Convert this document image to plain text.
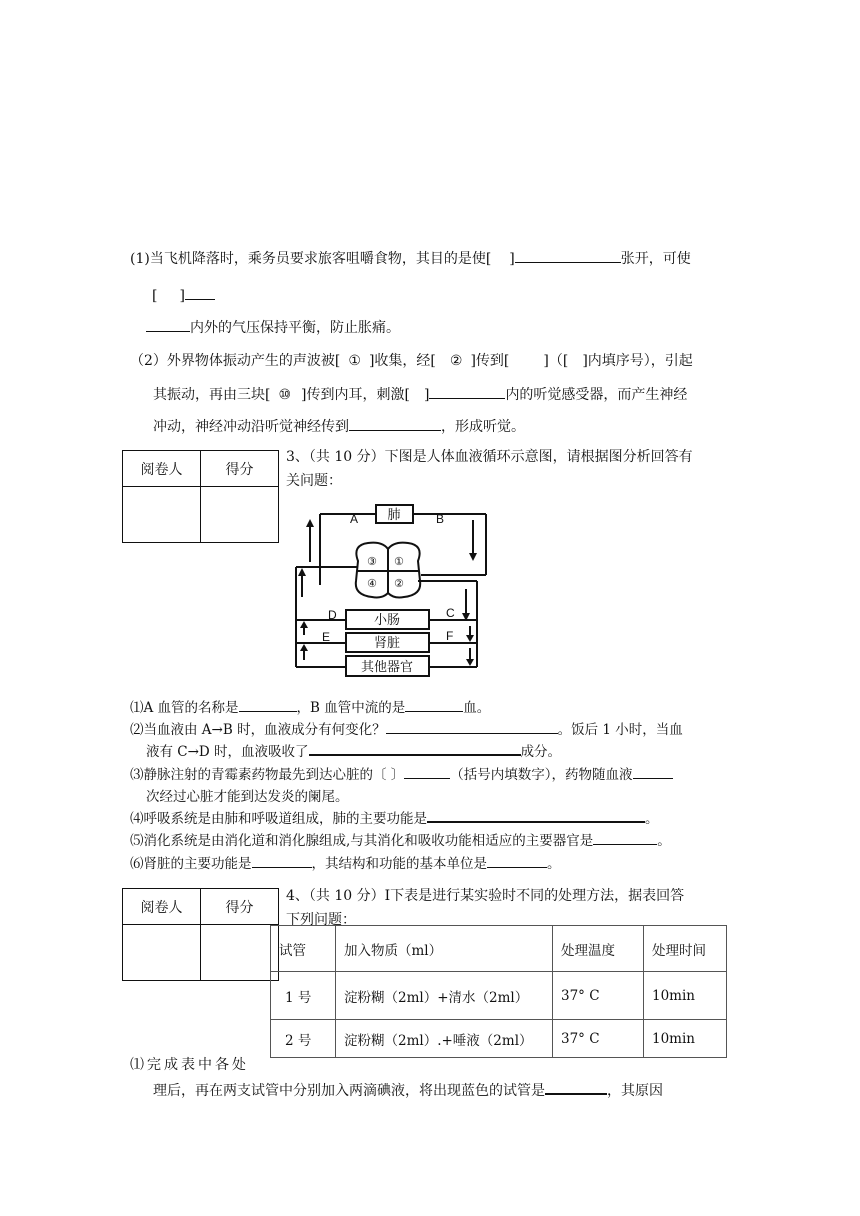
(1)当飞机降落时，乘务员要求旅客咀嚼食物，其目的是使[ ]	张开，可使
[ ]
内外的气压保持平衡，防止胀痛。
（2）外界物体振动产生的声波被[ ① ]收集，经[ ② ]传到[ ]（[ ]内填序号），引起
其振动，再由三块[ ⑩ ]传到内耳，刺激[ ]	内的听觉感受器，而产生神经
冲动，神经冲动沿听觉神经传到	，形成听觉。
阅卷人	得分

3、（共 10 分）下图是人体血液循环示意图，请根据图分析回答有
关问题：
A	B
C
D
E	F
③ ①
④ ②
肺
小肠
肾脏
其他器官
⑴A 血管的名称是	，B 血管中流的是	血。
⑵当血液由 A→B 时，血液成分有何变化？	。饭后 1 小时，当血
液有 C→D 时，血液吸收了	成分。
⑶静脉注射的青霉素药物最先到达心脏的〔 〕	（括号内填数字），药物随血液
次经过心脏才能到达发炎的阑尾。
⑷呼吸系统是由肺和呼吸道组成，肺的主要功能是	。
⑸消化系统是由消化道和消化腺组成,与其消化和吸收功能相适应的主要器官是	。
⑹肾脏的主要功能是	，其结构和功能的基本单位是	。
阅卷人	得分

4、（共 10 分）Ⅰ下表是进行某实验时不同的处理方法，据表回答
下列问题：
试管	加入物质（ml）	处理温度	处理时间
1 号	淀粉糊（2ml）+清水（2ml）	37° C	10min
2 号	淀粉糊（2ml）.+唾液（2ml）	37° C	10min
⑴完成表中各处
理后，再在两支试管中分别加入两滴碘液，将出现蓝色的试管是	，其原因
